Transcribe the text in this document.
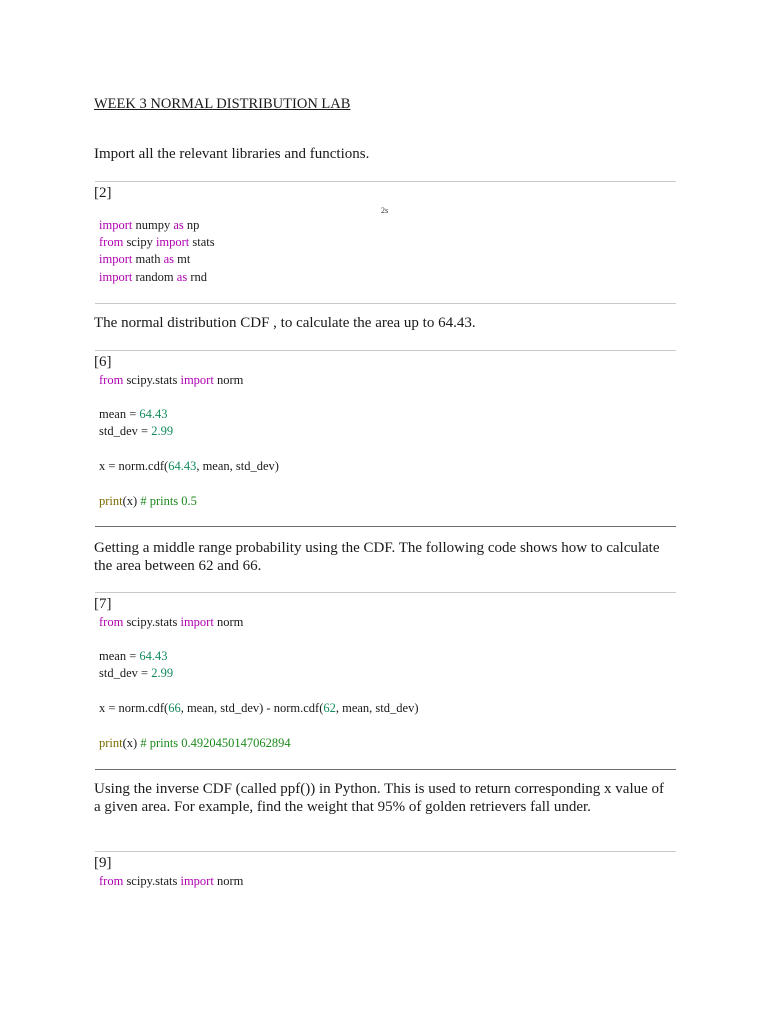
WEEK 3 NORMAL DISTRIBUTION LAB
Import all the relevant libraries and functions.
[2]
2s
import numpy as np
from scipy import stats
import math as mt
import random as rnd
The normal distribution CDF , to calculate the area up to 64.43.
[6]
from scipy.stats import norm
mean = 64.43
std_dev = 2.99
x = norm.cdf(64.43, mean, std_dev)
print(x) # prints 0.5
Getting a middle range probability using the CDF. The following code shows how to calculate the area between 62 and 66.
[7]
from scipy.stats import norm
mean = 64.43
std_dev = 2.99
x = norm.cdf(66, mean, std_dev) - norm.cdf(62, mean, std_dev)
print(x) # prints 0.4920450147062894
Using the inverse CDF (called ppf()) in Python. This is used to return corresponding x value of a given area. For example, find the weight that 95% of golden retrievers fall under.
[9]
from scipy.stats import norm
